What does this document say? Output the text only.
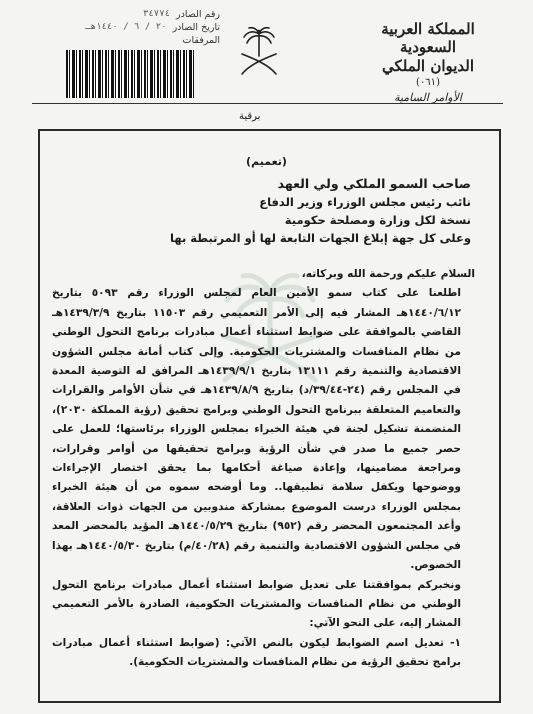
رقم الصادر
٣٤٧٧٤
تاريخ الصادر
٢٠ / ٦ / ١٤٤٠هـ
المرفقات
المملكة العربية السعودية
الديوان الملكي
(٠٦١)
الأوامر السامية
برقية
(تعميم)
صاحب السمو الملكي ولي العهد
نائب رئيس مجلس الوزراء وزير الدفاع
نسخة لكل وزارة ومصلحة حكومية
وعلى كل جهة إبلاغ الجهات التابعة لها أو المرتبطة بها

السلام عليكم ورحمة الله وبركاته،

اطلعنا على كتاب سمو الأمين العام لمجلس الوزراء رقم ٥٠٩٣ بتاريخ ١٤٤٠/٦/١٢هـ المشار فيه إلى الأمر التعميمي رقم ١١٥٠٣ بتاريخ ١٤٣٩/٣/٩هـ القاضي بالموافقة على ضوابط استثناء أعمال مبادرات برنامج التحول الوطني من نظام المنافسات والمشتريات الحكومية. وإلى كتاب أمانة مجلس الشؤون الاقتصادية والتنمية رقم ١٣١١١ بتاريخ ١٤٣٩/٩/١هـ المرافق له التوصية المعدة في المجلس رقم (٢٤-٣٩/٤٤/د) بتاريخ ١٤٣٩/٨/٩هـ في شأن الأوامر والقرارات والتعاميم المتعلقة ببرنامج التحول الوطني وبرامج تحقيق (رؤية المملكة ٢٠٣٠)، المتضمنة تشكيل لجنة في هيئة الخبراء بمجلس الوزراء برئاستها؛ للعمل على حصر جميع ما صدر في شأن الرؤية وبرامج تحقيقها من أوامر وقرارات، ومراجعة مضامينها، وإعادة صياغة أحكامها بما يحقق اختصار الإجراءات ووضوحها ويكفل سلامة تطبيقها.. وما أوضحه سموه من أن هيئة الخبراء بمجلس الوزراء درست الموضوع بمشاركة مندوبين من الجهات ذوات العلاقة، وأعد المجتمعون المحضر رقم (٩٥٢) بتاريخ ١٤٤٠/٥/٢٩هـ المؤيد بالمحضر المعد في مجلس الشؤون الاقتصادية والتنمية رقم (٤٠/٢٨/م) بتاريخ ١٤٤٠/٥/٣٠هـ بهذا الخصوص.

ونخبركم بموافقتنا على تعديل ضوابط استثناء أعمال مبادرات برنامج التحول الوطني من نظام المنافسات والمشتريات الحكومية، الصادرة بالأمر التعميمي المشار إليه، على النحو الآتي:

١- تعديل اسم الضوابط ليكون بالنص الآتي: (ضوابط استثناء أعمال مبادرات برامج تحقيق الرؤية من نظام المنافسات والمشتريات الحكومية).
